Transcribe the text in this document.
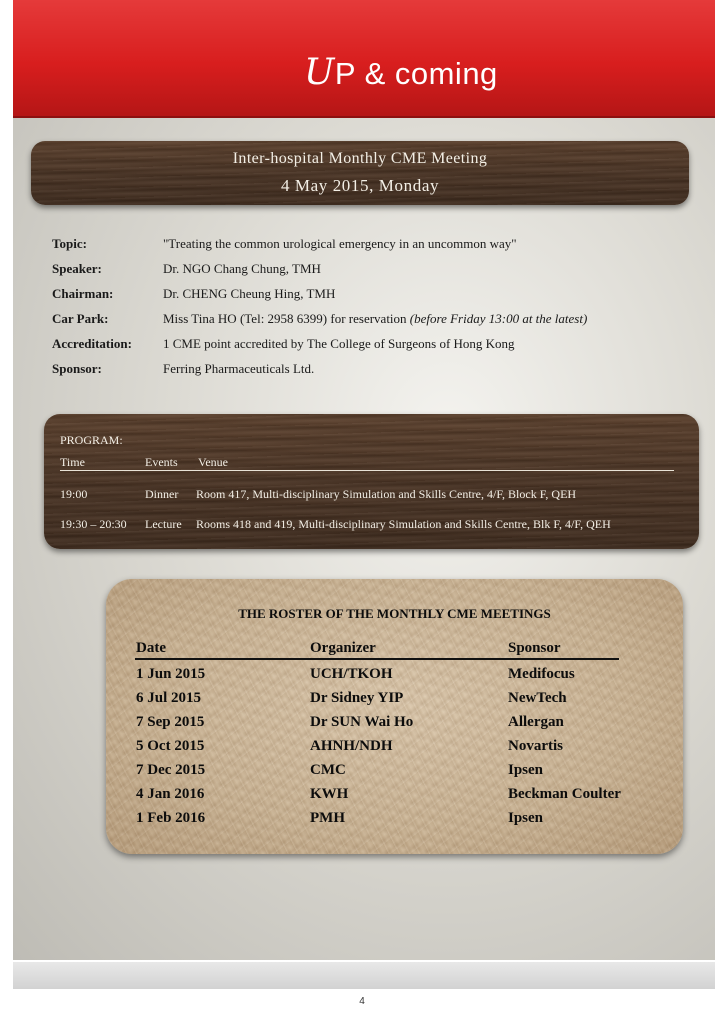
UP & coming
Inter-hospital Monthly CME Meeting
4 May 2015, Monday
Topic:	"Treating the common urological emergency in an uncommon way"
Speaker:	Dr. NGO Chang Chung, TMH
Chairman:	Dr. CHENG Cheung Hing, TMH
Car Park:	Miss Tina HO (Tel: 2958 6399) for reservation (before Friday 13:00 at the latest)
Accreditation: 1 CME point accredited by The College of Surgeons of Hong Kong
Sponsor:	Ferring Pharmaceuticals Ltd.
PROGRAM:
Time	Events Venue
19:00	Dinner Room 417, Multi-disciplinary Simulation and Skills Centre, 4/F, Block F, QEH
19:30 – 20:30 Lecture Rooms 418 and 419, Multi-disciplinary Simulation and Skills Centre, Blk F, 4/F, QEH
THE ROSTER OF THE MONTHLY CME MEETINGS
Date	Organizer	Sponsor
1 Jun 2015	UCH/TKOH	Medifocus
6 Jul 2015	Dr Sidney YIP	NewTech
7 Sep 2015	Dr SUN Wai Ho	Allergan
5 Oct 2015	AHNH/NDH	Novartis
7 Dec 2015	CMC	Ipsen
4 Jan 2016	KWH	Beckman Coulter
1 Feb 2016	PMH	Ipsen
4
